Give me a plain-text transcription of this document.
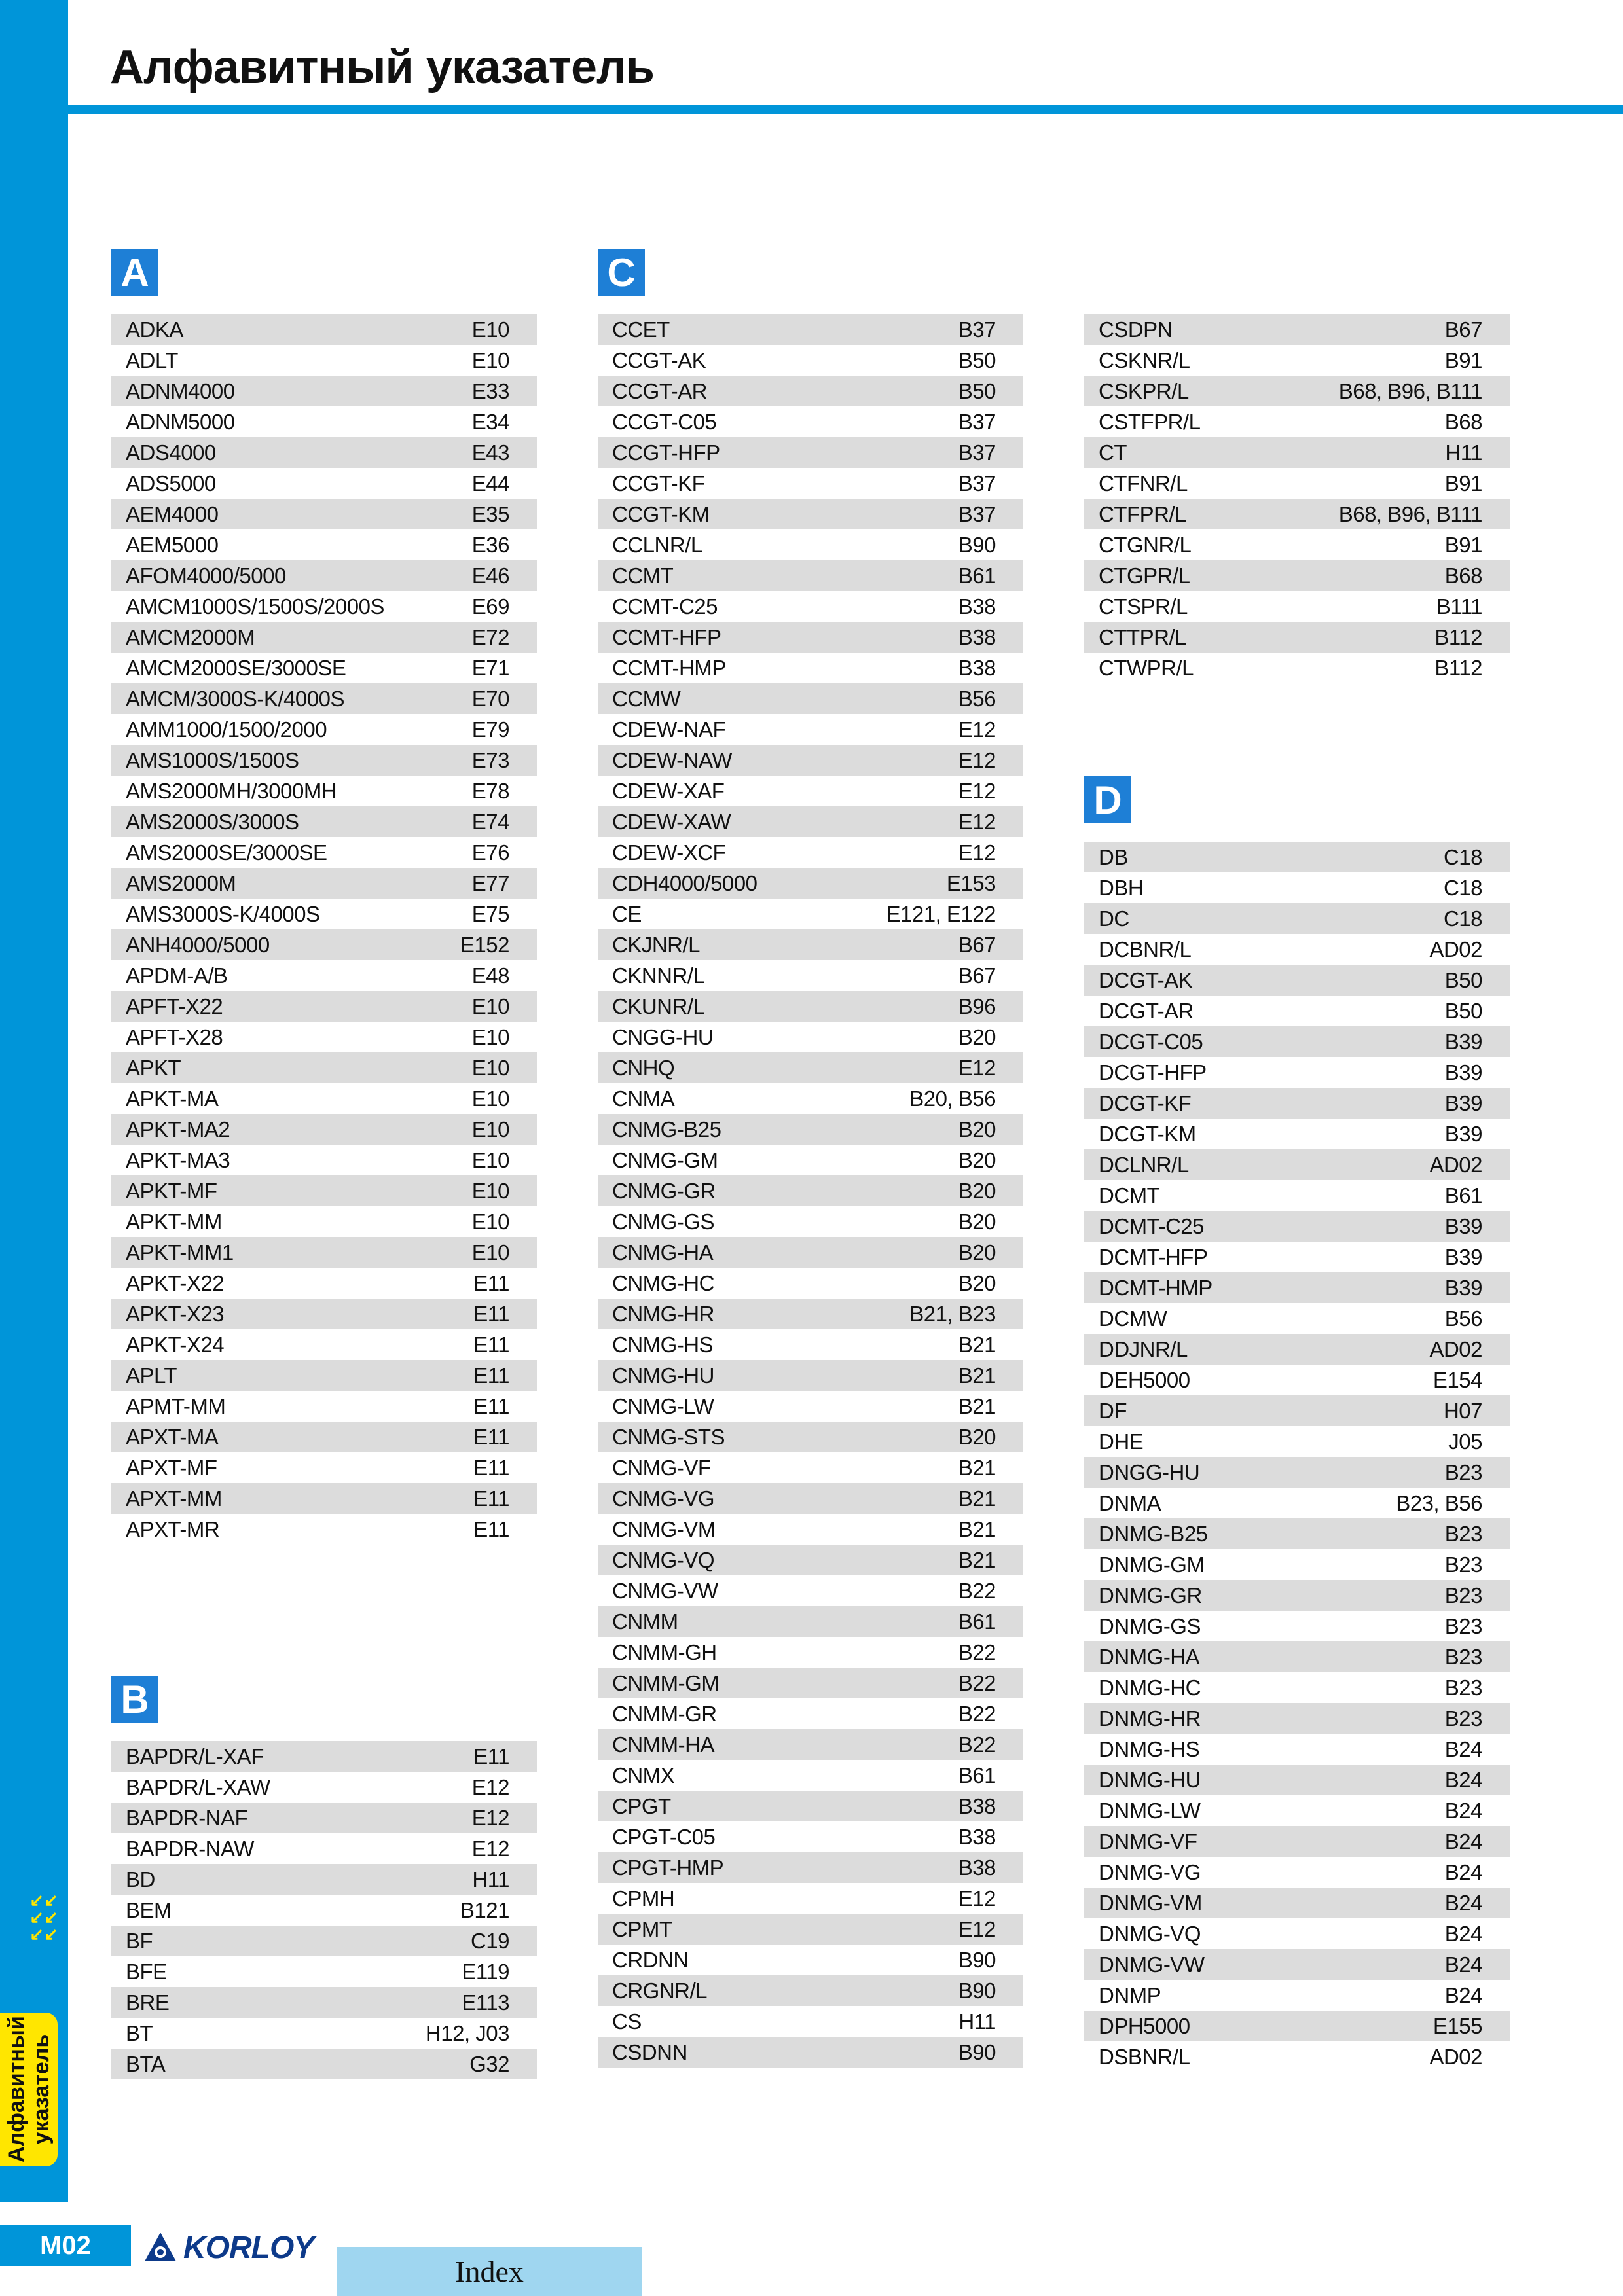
Алфавитный указатель
↙↙
↙↙
↙↙
Алфавитный указатель
A
ADKA	E10
ADLT	E10
ADNM4000	E33
ADNM5000	E34
ADS4000	E43
ADS5000	E44
AEM4000	E35
AEM5000	E36
AFOM4000/5000	E46
AMCM1000S/1500S/2000S	E69
AMCM2000M	E72
AMCM2000SE/3000SE	E71
AMCM/3000S-K/4000S	E70
AMM1000/1500/2000	E79
AMS1000S/1500S	E73
AMS2000MH/3000MH	E78
AMS2000S/3000S	E74
AMS2000SE/3000SE	E76
AMS2000M	E77
AMS3000S-K/4000S	E75
ANH4000/5000	E152
APDM-A/B	E48
APFT-X22	E10
APFT-X28	E10
APKT	E10
APKT-MA	E10
APKT-MA2	E10
APKT-MA3	E10
APKT-MF	E10
APKT-MM	E10
APKT-MM1	E10
APKT-X22	E11
APKT-X23	E11
APKT-X24	E11
APLT	E11
APMT-MM	E11
APXT-MA	E11
APXT-MF	E11
APXT-MM	E11
APXT-MR	E11
B
BAPDR/L-XAF	E11
BAPDR/L-XAW	E12
BAPDR-NAF	E12
BAPDR-NAW	E12
BD	H11
BEM	B121
BF	C19
BFE	E119
BRE	E113
BT	H12, J03
BTA	G32
C
CCET	B37
CCGT-AK	B50
CCGT-AR	B50
CCGT-C05	B37
CCGT-HFP	B37
CCGT-KF	B37
CCGT-KM	B37
CCLNR/L	B90
CCMT	B61
CCMT-C25	B38
CCMT-HFP	B38
CCMT-HMP	B38
CCMW	B56
CDEW-NAF	E12
CDEW-NAW	E12
CDEW-XAF	E12
CDEW-XAW	E12
CDEW-XCF	E12
CDH4000/5000	E153
CE	E121, E122
CKJNR/L	B67
CKNNR/L	B67
CKUNR/L	B96
CNGG-HU	B20
CNHQ	E12
CNMA	B20, B56
CNMG-B25	B20
CNMG-GM	B20
CNMG-GR	B20
CNMG-GS	B20
CNMG-HA	B20
CNMG-HC	B20
CNMG-HR	B21, B23
CNMG-HS	B21
CNMG-HU	B21
CNMG-LW	B21
CNMG-STS	B20
CNMG-VF	B21
CNMG-VG	B21
CNMG-VM	B21
CNMG-VQ	B21
CNMG-VW	B22
CNMM	B61
CNMM-GH	B22
CNMM-GM	B22
CNMM-GR	B22
CNMM-HA	B22
CNMX	B61
CPGT	B38
CPGT-C05	B38
CPGT-HMP	B38
CPMH	E12
CPMT	E12
CRDNN	B90
CRGNR/L	B90
CS	H11
CSDNN	B90
CSDPN	B67
CSKNR/L	B91
CSKPR/L	B68, B96, B111
CSTFPR/L	B68
CT	H11
CTFNR/L	B91
CTFPR/L	B68, B96, B111
CTGNR/L	B91
CTGPR/L	B68
CTSPR/L	B111
CTTPR/L	B112
CTWPR/L	B112
D
DB	C18
DBH	C18
DC	C18
DCBNR/L	AD02
DCGT-AK	B50
DCGT-AR	B50
DCGT-C05	B39
DCGT-HFP	B39
DCGT-KF	B39
DCGT-KM	B39
DCLNR/L	AD02
DCMT	B61
DCMT-C25	B39
DCMT-HFP	B39
DCMT-HMP	B39
DCMW	B56
DDJNR/L	AD02
DEH5000	E154
DF	H07
DHE	J05
DNGG-HU	B23
DNMA	B23, B56
DNMG-B25	B23
DNMG-GM	B23
DNMG-GR	B23
DNMG-GS	B23
DNMG-HA	B23
DNMG-HC	B23
DNMG-HR	B23
DNMG-HS	B24
DNMG-HU	B24
DNMG-LW	B24
DNMG-VF	B24
DNMG-VG	B24
DNMG-VM	B24
DNMG-VQ	B24
DNMG-VW	B24
DNMP	B24
DPH5000	E155
DSBNR/L	AD02
M02	KORLOY
Index
